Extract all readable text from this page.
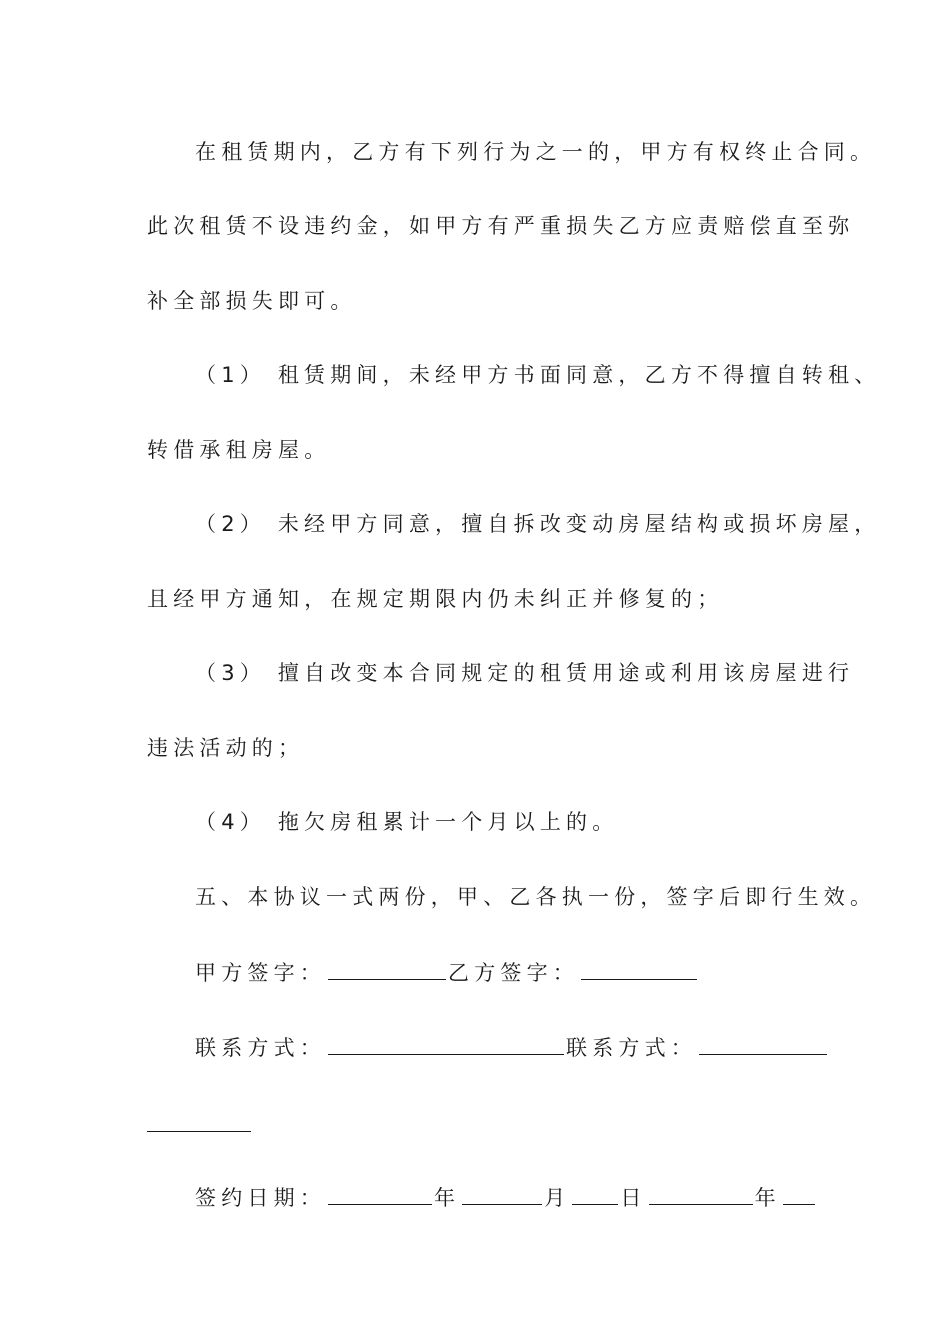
在租赁期内，乙方有下列行为之一的，甲方有权终止合同。
此次租赁不设违约金，如甲方有严重损失乙方应责赔偿直至弥
补全部损失即可。
（1） 租赁期间，未经甲方书面同意，乙方不得擅自转租、
转借承租房屋。
（2） 未经甲方同意，擅自拆改变动房屋结构或损坏房屋，
且经甲方通知，在规定期限内仍未纠正并修复的；
（3） 擅自改变本合同规定的租赁用途或利用该房屋进行
违法活动的；
（4） 拖欠房租累计一个月以上的。
五、本协议一式两份，甲、乙各执一份，签字后即行生效。
甲方签字：	乙方签字：
联系方式：	联系方式：
签约日期：	年	月 日	年
